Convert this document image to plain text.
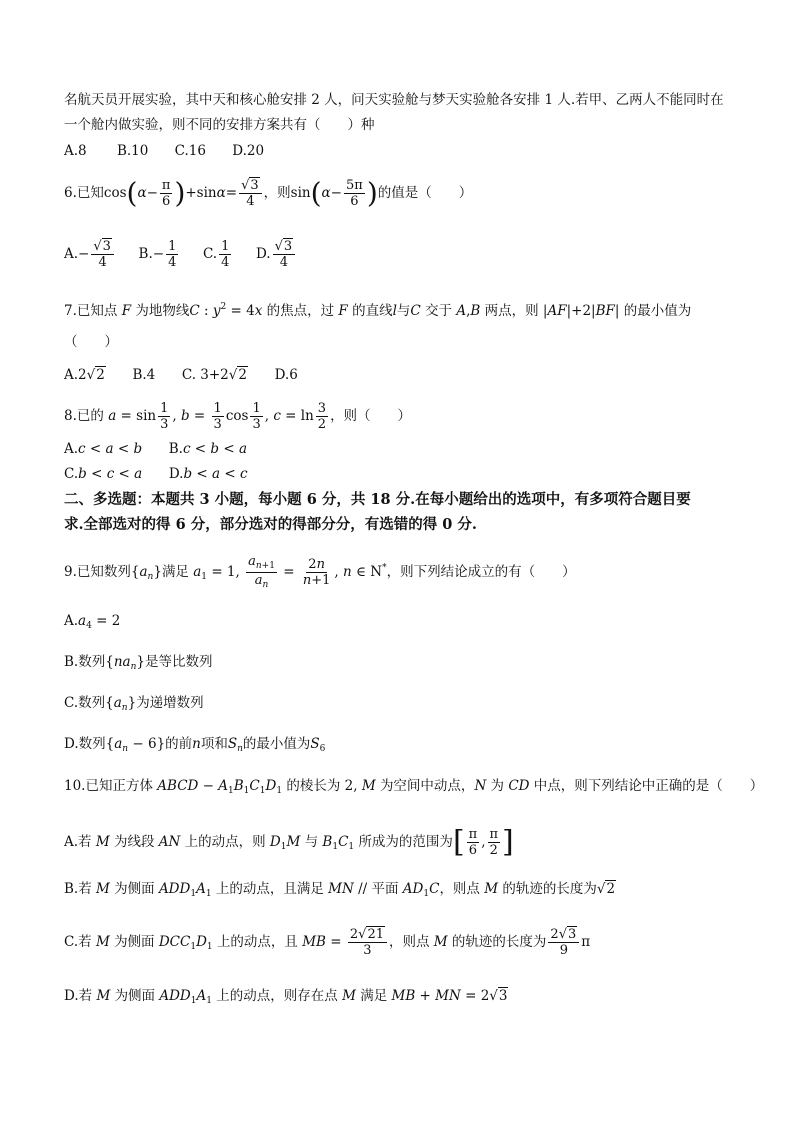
名航天员开展实验，其中天和核心舱安排 2 人，问天实验舱与梦天实验舱各安排 1 人.若甲、乙两人不能同时在
一个舱内做实验，则不同的安排方案共有（　　）种
A.8 B.10 C.16 D.20
6.已知$\cos(\alpha- \frac{\pi}{6} )+\sin\alpha= \frac{√3}{4}$ ，则$\sin(\alpha- \frac{5\pi}{6}$ )的值是（　　）
$A.- \frac{√3}{4} B.- \frac{1}{4} C$. $\frac{1}{4} D$. $\frac{√3}{4}$
7.已知点 F 为地物线C : $y^2 = 4x$ 的焦点，过 F 的直线l与C 交于 A,B 两点，则 |AF|+2|BF| 的最小值为
（　　）
A.2√2 B.4 C. 3+2√2 D.6
8.已的 $a = \sin \frac{1}{3}$ , $b = \frac{1}{3}$ $\cos \frac{1}{3}$ , $c = \ln \frac{3}{2}$ ，则（　　）
A.c < a < b B.c < b < a
C.b < c < a D.b < a < c
二、多选题：本题共 3 小题，每小题 6 分，共 18 分.在每小题给出的选项中，有多项符合题目要
求.全部选对的得 6 分，部分选对的得部分分，有选错的得 0 分.
9.已知数列$\{a_n\}$满足 $a_1 = 1$, $\frac{a_{n+1}}{a_n} = \frac{2n}{n+1}$ , n ∈ N*，则下列结论成立的有（　　）
$A.a_4 = 2$
B.数列$\{na_n\}$是等比数列
C.数列$\{a_n\}$为递增数列
D.数列$\{a_n - 6\}$的前n项和$S_n$的最小值为$S_6$
10.已知正方体 ABCD − $A_1B_1C_1D_1$ 的棱长为 2, M 为空间中动点，N 为 CD 中点，则下列结论中正确的是（　　）
A.若 M 为线段 AN 上的动点，则 $D_1M$ 与 $B_1C_1$ 所成为的范围为[ $\frac{\pi}{6}$ , $\frac{\pi}{2}$ ]
B.若 M 为侧面 $ADD_1A_1$ 上的动点，且满足 MN // 平面 $AD_1C$，则点 M 的轨迹的长度为√2
C.若 M 为侧面 $DCC_1D_1$ 上的动点，且 MB = $\frac{2√21}{3}$ ，则点 M 的轨迹的长度为 $\frac{2√3}{9}$ π
D.若 M 为侧面 $ADD_1A_1$ 上的动点，则存在点 M 满足 MB + MN = 2√3
